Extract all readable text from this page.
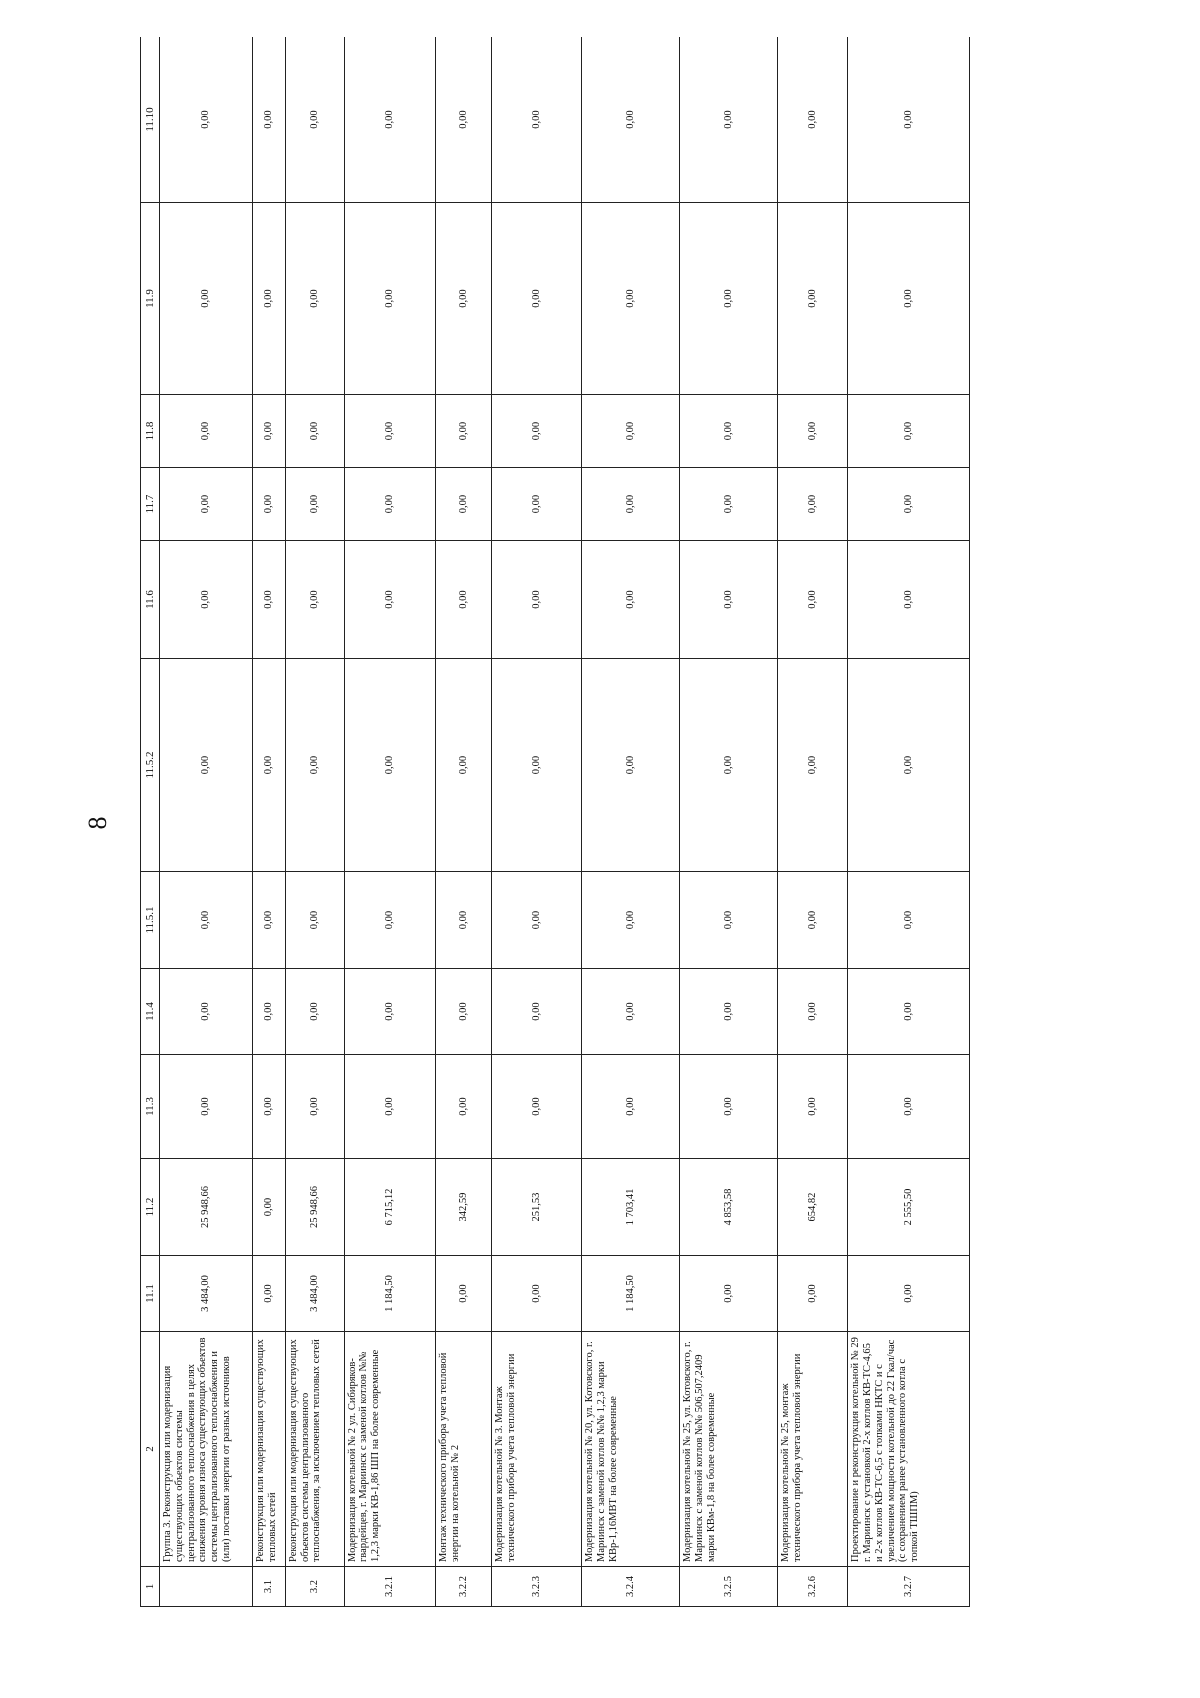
8
1	2	11.1	11.2	11.3	11.4	11.5.1	11.5.2	11.6	11.7	11.8	11.9	11.10
	Группа 3. Реконструкция или модернизация существующих объектов системы централизованного теплоснабжения в целях снижения уровня износа существующих объектов системы централизованного теплоснабжения и (или) поставки энергии от разных источников	3 484,00	25 948,66	0,00	0,00	0,00	0,00	0,00	0,00	0,00	0,00	0,00
3.1	Реконструкция или модернизация существующих тепловых сетей	0,00	0,00	0,00	0,00	0,00	0,00	0,00	0,00	0,00	0,00	0,00
3.2	Реконструкция или модернизация существующих объектов системы централизованного теплоснабжения, за исключением тепловых сетей	3 484,00	25 948,66	0,00	0,00	0,00	0,00	0,00	0,00	0,00	0,00	0,00
3.2.1	Модернизация котельной № 2 ул. Сибиряков-гвардейцев, г. Мариинск с заменой котлов №№ 1,2,3 марки КВ-1,86 ШП на более современные	1 184,50	6 715,12	0,00	0,00	0,00	0,00	0,00	0,00	0,00	0,00	0,00
3.2.2	Монтаж технического прибора учета тепловой энергии на котельной № 2	0,00	342,59	0,00	0,00	0,00	0,00	0,00	0,00	0,00	0,00	0,00
3.2.3	Модернизация котельной № 3. Монтаж технического прибора учета тепловой энергии	0,00	251,53	0,00	0,00	0,00	0,00	0,00	0,00	0,00	0,00	0,00
3.2.4	Модернизация котельной № 20, ул. Котовского, г. Мариинск с заменой котлов №№ 1,2,3 марки КВр-1,16МВТ на более современные	1 184,50	1 703,41	0,00	0,00	0,00	0,00	0,00	0,00	0,00	0,00	0,00
3.2.5	Модернизация котельной № 25, ул. Котовского, г. Мариинск с заменой котлов №№ 506,507,2409 марки КВм-1,8 на более современные	0,00	4 853,58	0,00	0,00	0,00	0,00	0,00	0,00	0,00	0,00	0,00
3.2.6	Модернизация котельной № 25, монтаж технического прибора учета тепловой энергии	0,00	654,82	0,00	0,00	0,00	0,00	0,00	0,00	0,00	0,00	0,00
3.2.7	Проектирование и реконструкция котельной № 29 г. Мариинск с установкой 2-х котлов КВ-ТС-4,65 и 2-х котлов КВ-ТС-6,5 с топками НКТС и с увеличением мощности котельной до 22 Гкал/час (с сохранением ранее установленного котла с топкой ТШПМ)	0,00	2 555,50	0,00	0,00	0,00	0,00	0,00	0,00	0,00	0,00	0,00
